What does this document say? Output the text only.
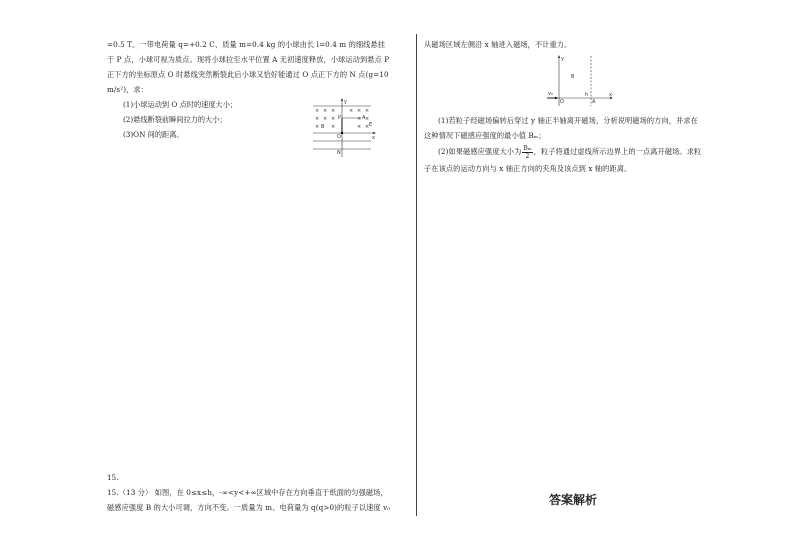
=0.5 T。一带电荷量 q=+0.2 C、质量 m=0.4 kg 的小球由长 l=0.4 m 的细线悬挂

于 P 点，小球可视为质点。现将小球拉至水平位置 A 无初速度释放，小球运动到悬点 P

正下方的坐标原点 O 时悬线突然断裂此后小球又恰好能通过 O 点正下方的 N 点(g=10

m/s²)，求：

(1)小球运动到 O 点时的速度大小；

(2)悬线断裂前瞬间拉力的大小；

(3)ON 间的距离。

y
x
× × ×	× × ×
× × ×	× ×
× ×	× ×
P	A
B	E
O
N

15.

15.（13 分） 如图，在 0≤x≤h，-∞<y<+∞区域中存在方向垂直于纸面的匀强磁场，

磁感应强度 B 的大小可调，方向不变。一质量为 m、电荷量为 q(q>0)的粒子以速度 v₀

从磁场区域左侧沿 x 轴进入磁场，不计重力。

y
x
B
v₀
O
h
A

(1)若粒子经磁场偏转后穿过 y 轴正半轴离开磁场，分析说明磁场的方向，并求在

这种情况下磁感应强度的最小值 Bₘ；

(2)如果磁感应强度大小为 $\frac{\text{Bₘ}}{2}$ ，粒子将通过虚线所示边界上的一点离开磁场。求粒

子在该点的运动方向与 x 轴正方向的夹角及该点到 x 轴的距离。

答案解析
